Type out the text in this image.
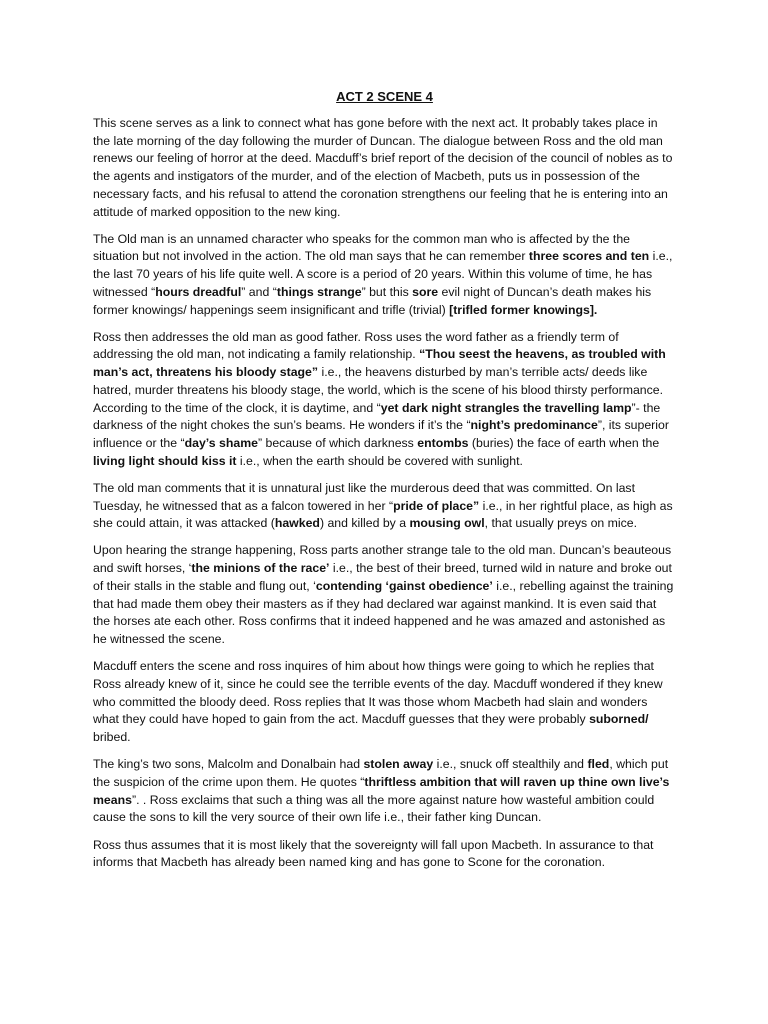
ACT 2 SCENE 4

This scene serves as a link to connect what has gone before with the next act. It probably takes place in the late morning of the day following the murder of Duncan. The dialogue between Ross and the old man renews our feeling of horror at the deed. Macduff’s brief report of the decision of the council of nobles as to the agents and instigators of the murder, and of the election of Macbeth, puts us in possession of the necessary facts, and his refusal to attend the coronation strengthens our feeling that he is entering into an attitude of marked opposition to the new king.

The Old man is an unnamed character who speaks for the common man who is affected by the the situation but not involved in the action. The old man says that he can remember three scores and ten i.e., the last 70 years of his life quite well. A score is a period of 20 years. Within this volume of time, he has witnessed “hours dreadful” and “things strange” but this sore evil night of Duncan’s death makes his former knowings/ happenings seem insignificant and trifle (trivial) [trifled former knowings].

Ross then addresses the old man as good father. Ross uses the word father as a friendly term of addressing the old man, not indicating a family relationship. “Thou seest the heavens, as troubled with man’s act, threatens his bloody stage” i.e., the heavens disturbed by man’s terrible acts/ deeds like hatred, murder threatens his bloody stage, the world, which is the scene of his blood thirsty performance. According to the time of the clock, it is daytime, and “yet dark night strangles the travelling lamp”- the darkness of the night chokes the sun’s beams. He wonders if it’s the “night’s predominance”, its superior influence or the “day’s shame” because of which darkness entombs (buries) the face of earth when the living light should kiss it i.e., when the earth should be covered with sunlight.

The old man comments that it is unnatural just like the murderous deed that was committed. On last Tuesday, he witnessed that as a falcon towered in her “pride of place” i.e., in her rightful place, as high as she could attain, it was attacked (hawked) and killed by a mousing owl, that usually preys on mice.

Upon hearing the strange happening, Ross parts another strange tale to the old man. Duncan’s beauteous and swift horses, ‘the minions of the race’ i.e., the best of their breed, turned wild in nature and broke out of their stalls in the stable and flung out, ‘contending ‘gainst obedience’ i.e., rebelling against the training that had made them obey their masters as if they had declared war against mankind. It is even said that the horses ate each other. Ross confirms that it indeed happened and he was amazed and astonished as he witnessed the scene.

Macduff enters the scene and ross inquires of him about how things were going to which he replies that Ross already knew of it, since he could see the terrible events of the day. Macduff wondered if they knew who committed the bloody deed. Ross replies that It was those whom Macbeth had slain and wonders what they could have hoped to gain from the act. Macduff guesses that they were probably suborned/ bribed.

The king’s two sons, Malcolm and Donalbain had stolen away i.e., snuck off stealthily and fled, which put the suspicion of the crime upon them. He quotes “thriftless ambition that will raven up thine own live’s means”. . Ross exclaims that such a thing was all the more against nature how wasteful ambition could cause the sons to kill the very source of their own life i.e., their father king Duncan.

Ross thus assumes that it is most likely that the sovereignty will fall upon Macbeth. In assurance to that informs that Macbeth has already been named king and has gone to Scone for the coronation.
